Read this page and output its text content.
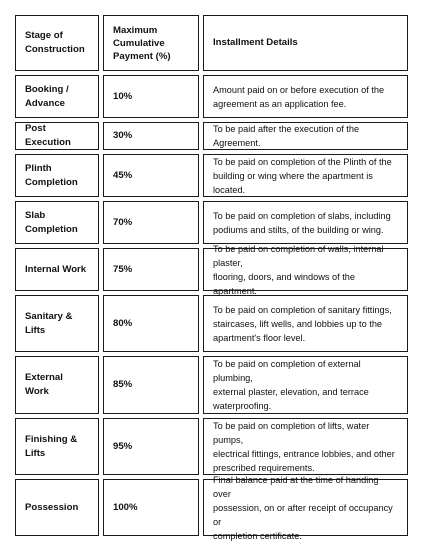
Stage of
Construction
Maximum
Cumulative
Payment (%)
Installment Details
Booking /
Advance
10%
Amount paid on or before execution of the
agreement as an application fee.
Post Execution
30%
To be paid after the execution of the Agreement.
Plinth
Completion
45%
To be paid on completion of the Plinth of the
building or wing where the apartment is located.
Slab
Completion
70%
To be paid on completion of slabs, including
podiums and stilts, of the building or wing.
Internal Work	75%
To be paid on completion of walls, internal plaster,
flooring, doors, and windows of the apartment.
Sanitary & Lifts
80%
To be paid on completion of sanitary fittings,
staircases, lift wells, and lobbies up to the
apartment's floor level.
External Work
85%
To be paid on completion of external plumbing,
external plaster, elevation, and terrace
waterproofing.
Finishing &
Lifts
95%
To be paid on completion of lifts, water pumps,
electrical fittings, entrance lobbies, and other
prescribed requirements.
Possession	100%
Final balance paid at the time of handing over
possession, on or after receipt of occupancy or
completion certificate.
